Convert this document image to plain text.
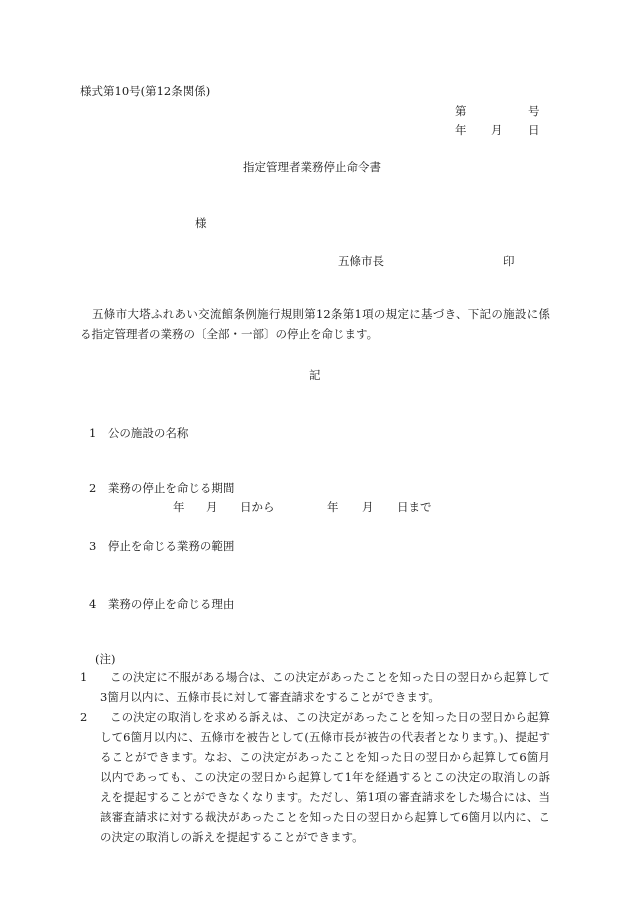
様式第10号(第12条関係)
第	号
年 月 日
指定管理者業務停止命令書
様
五條市長	印
五條市大塔ふれあい交流館条例施行規則第12条第1項の規定に基づき、下記の施設に係る指定管理者の業務の〔全部・一部〕の停止を命じます。
記
1　公の施設の名称
2　業務の停止を命じる期間
年 月 日から	年 月 日まで
3　停止を命じる業務の範囲
4　業務の停止を命じる理由
(注)
1	この決定に不服がある場合は、この決定があったことを知った日の翌日から起算して3箇月以内に、五條市長に対して審査請求をすることができます。
2	この決定の取消しを求める訴えは、この決定があったことを知った日の翌日から起算して6箇月以内に、五條市を被告として(五條市長が被告の代表者となります。)、提起することができます。なお、この決定があったことを知った日の翌日から起算して6箇月以内であっても、この決定の翌日から起算して1年を経過するとこの決定の取消しの訴えを提起することができなくなります。ただし、第1項の審査請求をした場合には、当該審査請求に対する裁決があったことを知った日の翌日から起算して6箇月以内に、この決定の取消しの訴えを提起することができます。
